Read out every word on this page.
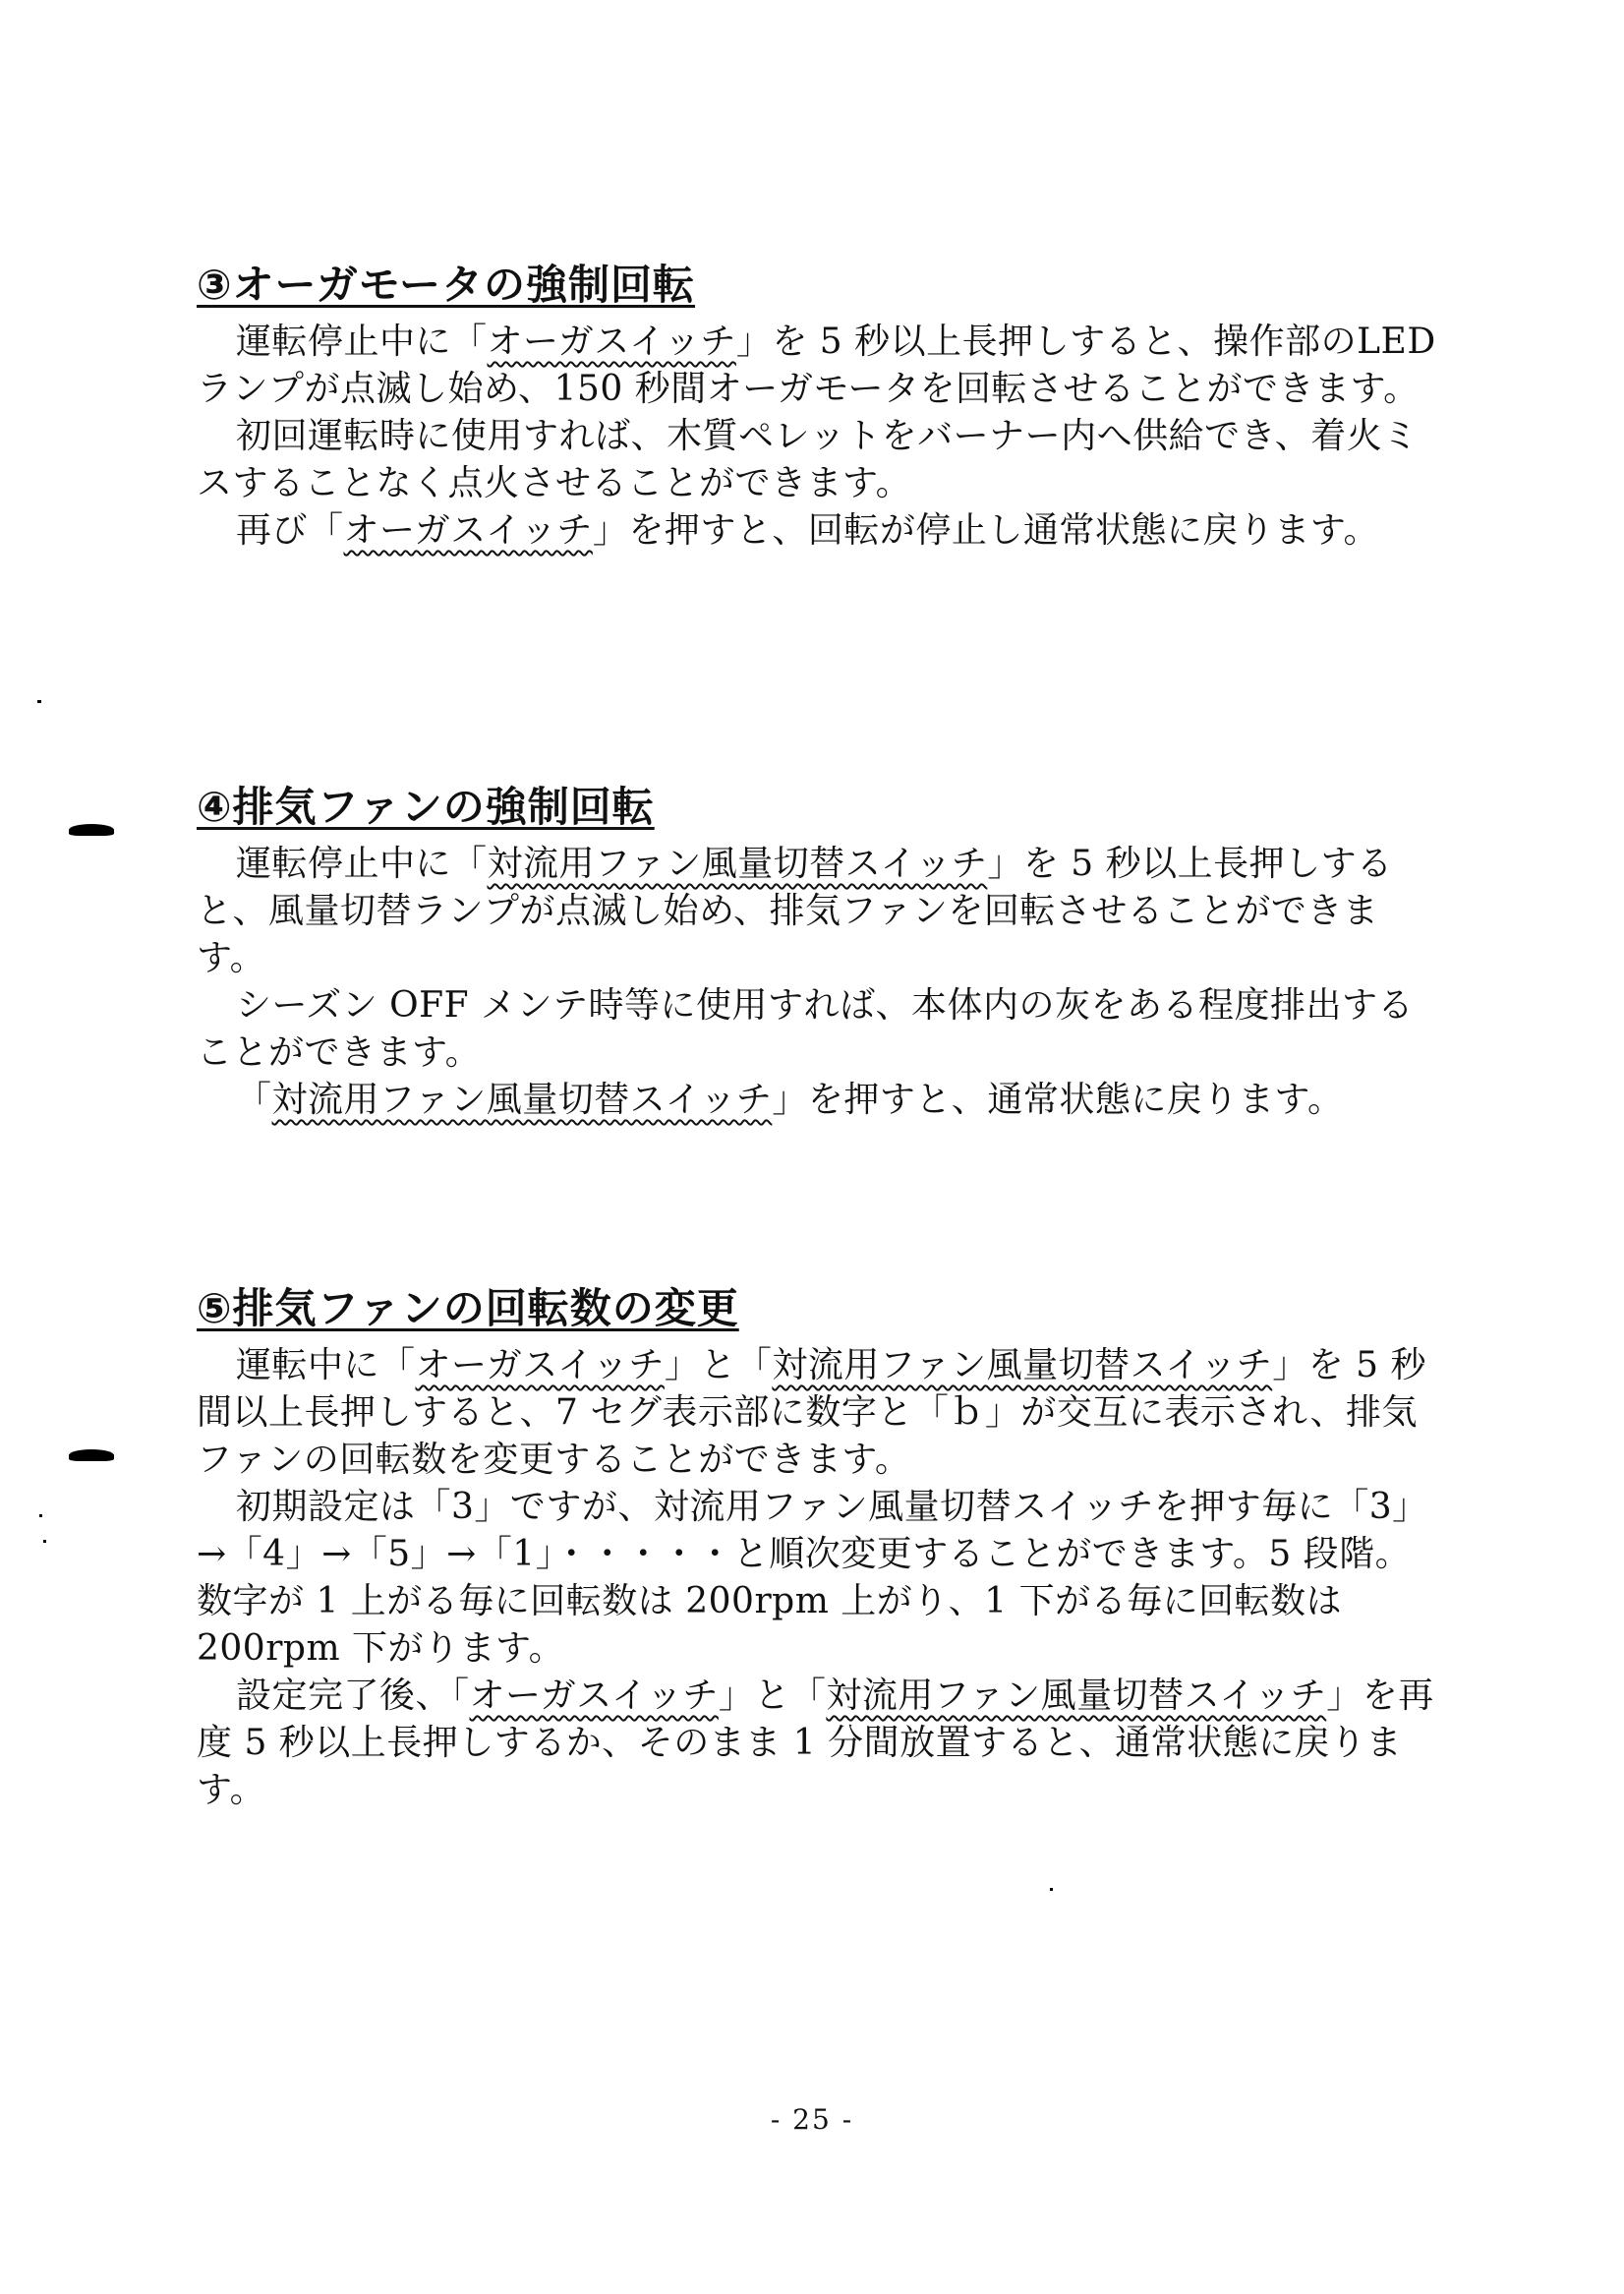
③オーガモータの強制回転

運転停止中に「オーガスイッチ」を 5 秒以上長押しすると、操作部のLED ランプが点滅し始め、150 秒間オーガモータを回転させることができます。

初回運転時に使用すれば、木質ペレットをバーナー内へ供給でき、着火ミスすることなく点火させることができます。

再び「オーガスイッチ」を押すと、回転が停止し通常状態に戻ります。

④排気ファンの強制回転

運転停止中に「対流用ファン風量切替スイッチ」を 5 秒以上長押しすると、風量切替ランプが点滅し始め、排気ファンを回転させることができます。

シーズン OFF メンテ時等に使用すれば、本体内の灰をある程度排出することができます。

「対流用ファン風量切替スイッチ」を押すと、通常状態に戻ります。

⑤排気ファンの回転数の変更

運転中に「オーガスイッチ」と「対流用ファン風量切替スイッチ」を 5 秒間以上長押しすると、7 セグ表示部に数字と「ｂ」が交互に表示され、排気ファンの回転数を変更することができます。

初期設定は「3」ですが、対流用ファン風量切替スイッチを押す毎に「3」→「4」→「5」→「1」・・・・・と順次変更することができます。5 段階。数字が 1 上がる毎に回転数は 200rpm 上がり、1 下がる毎に回転数は 200rpm 下がります。

設定完了後、「オーガスイッチ」と「対流用ファン風量切替スイッチ」を再度 5 秒以上長押しするか、そのまま 1 分間放置すると、通常状態に戻ります。

- 25 -
